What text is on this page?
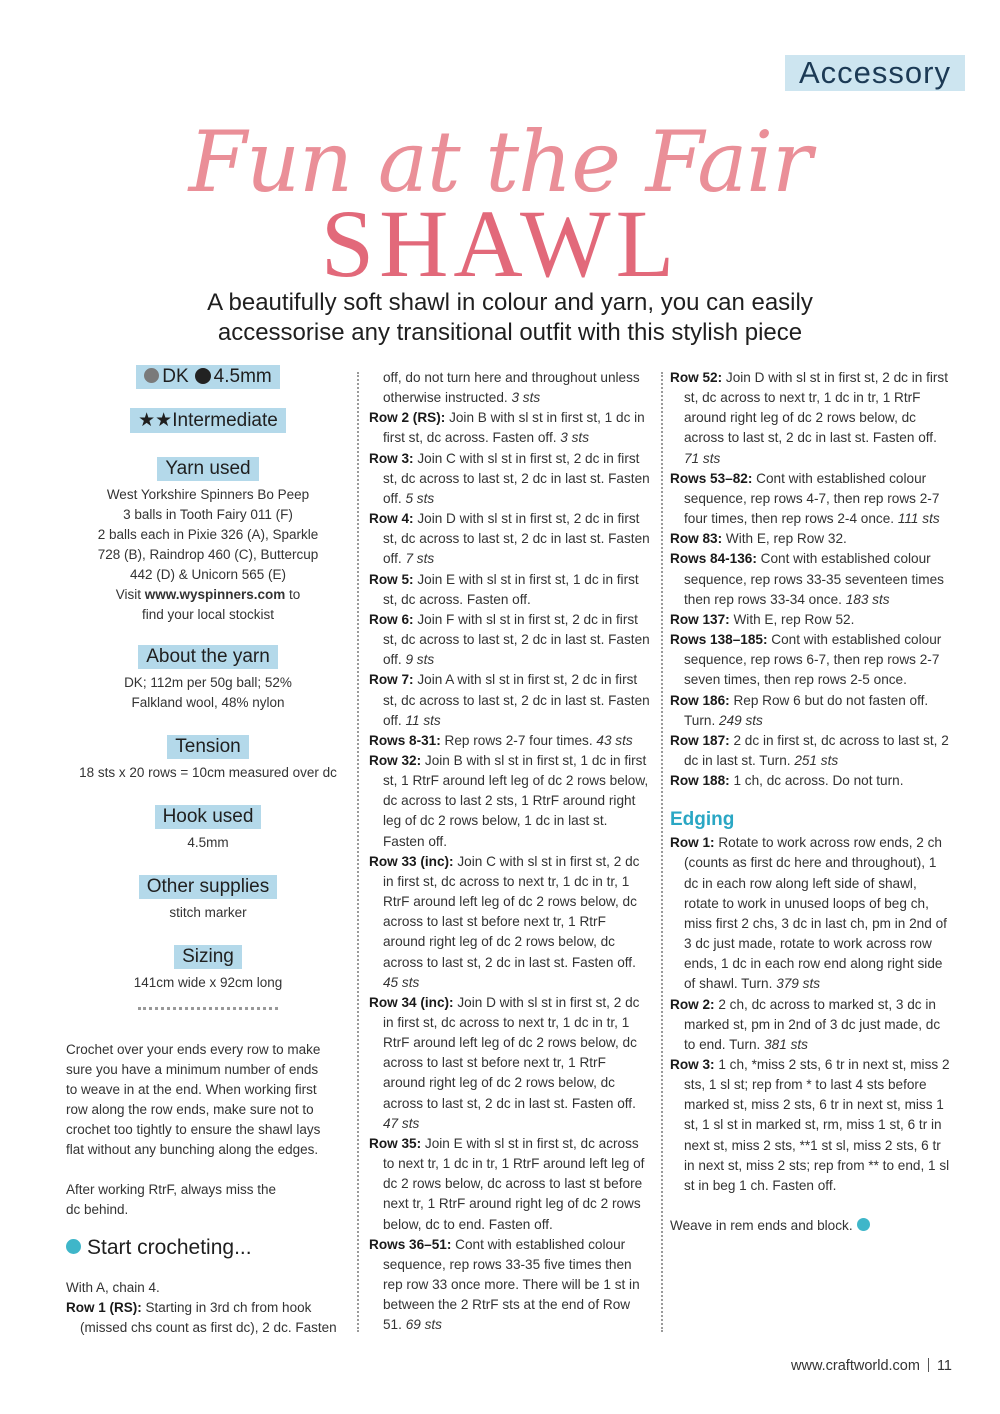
Accessory
Fun at the Fair
SHAWL
A beautifully soft shawl in colour and yarn, you can easily
accessorise any transitional outfit with this stylish piece
DK 4.5mm
★★Intermediate
Yarn used
West Yorkshire Spinners Bo Peep
3 balls in Tooth Fairy 011 (F)
2 balls each in Pixie 326 (A), Sparkle
728 (B), Raindrop 460 (C), Buttercup
442 (D) & Unicorn 565 (E)
Visit www.wyspinners.com to
find your local stockist
About the yarn
DK; 112m per 50g ball; 52%
Falkland wool, 48% nylon
Tension
18 sts x 20 rows = 10cm measured over dc
Hook used
4.5mm
Other supplies
stitch marker
Sizing
141cm wide x 92cm long
Crochet over your ends every row to make
sure you have a minimum number of ends
to weave in at the end. When working first
row along the row ends, make sure not to
crochet too tightly to ensure the shawl lays
flat without any bunching along the edges.
After working RtrF, always miss the
dc behind.
Start crocheting...
With A, chain 4.
Row 1 (RS): Starting in 3rd ch from hook
(missed chs count as first dc), 2 dc. Fasten

off, do not turn here and throughout unless otherwise instructed. 3 sts

Row 2 (RS): Join B with sl st in first st, 1 dc in first st, dc across. Fasten off. 3 sts

Row 3: Join C with sl st in first st, 2 dc in first st, dc across to last st, 2 dc in last st. Fasten off. 5 sts

Row 4: Join D with sl st in first st, 2 dc in first st, dc across to last st, 2 dc in last st. Fasten off. 7 sts

Row 5: Join E with sl st in first st, 1 dc in first st, dc across. Fasten off.

Row 6: Join F with sl st in first st, 2 dc in first st, dc across to last st, 2 dc in last st. Fasten off. 9 sts

Row 7: Join A with sl st in first st, 2 dc in first st, dc across to last st, 2 dc in last st. Fasten off. 11 sts

Rows 8-31: Rep rows 2-7 four times. 43 sts

Row 32: Join B with sl st in first st, 1 dc in first st, 1 RtrF around left leg of dc 2 rows below, dc across to last 2 sts, 1 RtrF around right leg of dc 2 rows below, 1 dc in last st. Fasten off.

Row 33 (inc): Join C with sl st in first st, 2 dc in first st, dc across to next tr, 1 dc in tr, 1 RtrF around left leg of dc 2 rows below, dc across to last st before next tr, 1 RtrF around right leg of dc 2 rows below, dc across to last st, 2 dc in last st. Fasten off. 45 sts

Row 34 (inc): Join D with sl st in first st, 2 dc in first st, dc across to next tr, 1 dc in tr, 1 RtrF around left leg of dc 2 rows below, dc across to last st before next tr, 1 RtrF around right leg of dc 2 rows below, dc across to last st, 2 dc in last st. Fasten off. 47 sts

Row 35: Join E with sl st in first st, dc across to next tr, 1 dc in tr, 1 RtrF around left leg of dc 2 rows below, dc across to last st before next tr, 1 RtrF around right leg of dc 2 rows below, dc to end. Fasten off.

Rows 36–51: Cont with established colour sequence, rep rows 33-35 five times then rep row 33 once more. There will be 1 st in between the 2 RtrF sts at the end of Row 51. 69 sts

Row 52: Join D with sl st in first st, 2 dc in first st, dc across to next tr, 1 dc in tr, 1 RtrF around right leg of dc 2 rows below, dc across to last st, 2 dc in last st. Fasten off. 71 sts

Rows 53–82: Cont with established colour sequence, rep rows 4-7, then rep rows 2-7 four times, then rep rows 2-4 once. 111 sts

Row 83: With E, rep Row 32.

Rows 84-136: Cont with established colour sequence, rep rows 33-35 seventeen times then rep rows 33-34 once. 183 sts

Row 137: With E, rep Row 52.

Rows 138–185: Cont with established colour sequence, rep rows 6-7, then rep rows 2-7 seven times, then rep rows 2-5 once.

Row 186: Rep Row 6 but do not fasten off. Turn. 249 sts

Row 187: 2 dc in first st, dc across to last st, 2 dc in last st. Turn. 251 sts

Row 188: 1 ch, dc across. Do not turn.

Edging

Row 1: Rotate to work across row ends, 2 ch (counts as first dc here and throughout), 1 dc in each row along left side of shawl, rotate to work in unused loops of beg ch, miss first 2 chs, 3 dc in last ch, pm in 2nd of 3 dc just made, rotate to work across row ends, 1 dc in each row end along right side of shawl. Turn. 379 sts

Row 2: 2 ch, dc across to marked st, 3 dc in marked st, pm in 2nd of 3 dc just made, dc to end. Turn. 381 sts

Row 3: 1 ch, *miss 2 sts, 6 tr in next st, miss 2 sts, 1 sl st; rep from * to last 4 sts before marked st, miss 2 sts, 6 tr in next st, miss 1 st, 1 sl st in marked st, rm, miss 1 st, 6 tr in next st, miss 2 sts, **1 st sl, miss 2 sts, 6 tr in next st, miss 2 sts; rep from ** to end, 1 sl st in beg 1 ch. Fasten off.

Weave in rem ends and block.

www.craftworld.com 11
